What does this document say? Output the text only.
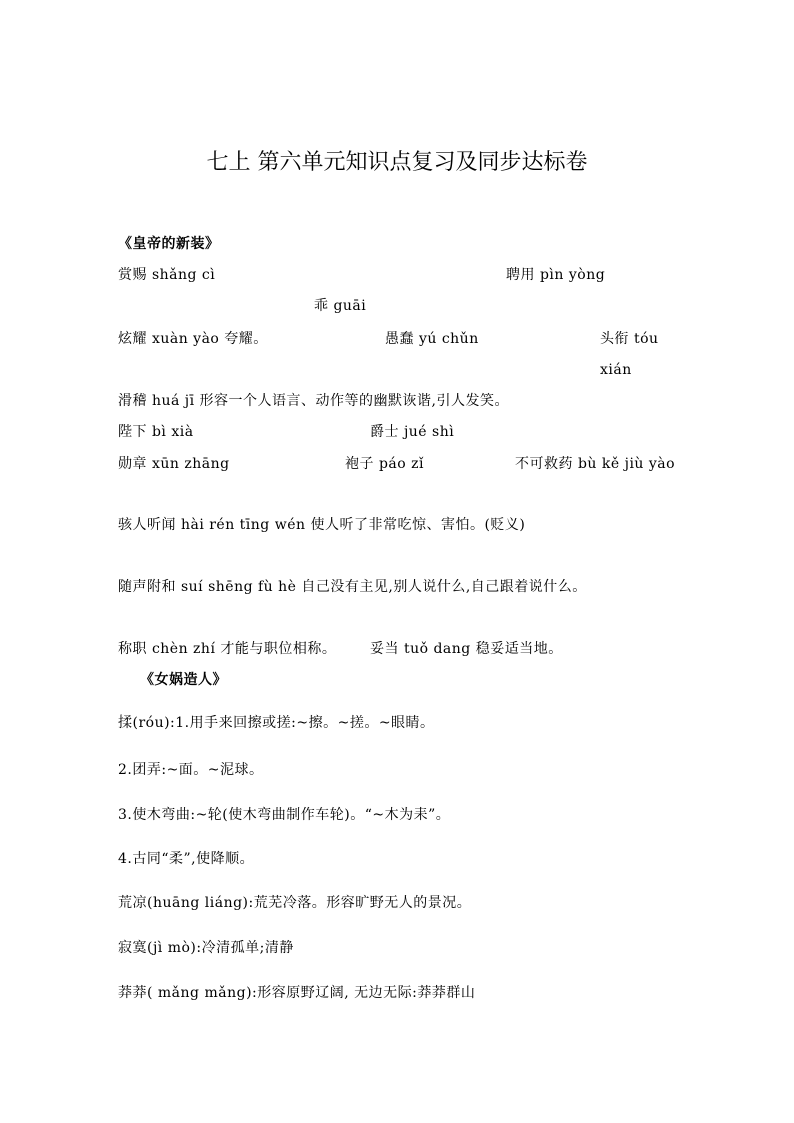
七上 第六单元知识点复习及同步达标卷
《皇帝的新装》
赏赐 shǎng cì	聘用 pìn yòng
乖 guāi
炫耀 xuàn yào 夸耀。	愚蠢 yú chǔn	头衔 tóu xián
滑稽 huá jī 形容一个人语言、动作等的幽默诙谐,引人发笑。
陛下 bì xià	爵士 jué shì
勋章 xūn zhāng	袍子 páo zǐ	不可救药 bù kě jiù yào
骇人听闻 hài rén tīng wén 使人听了非常吃惊、害怕。(贬义)
随声附和 suí shēng fù hè 自己没有主见,别人说什么,自己跟着说什么。
称职 chèn zhí 才能与职位相称。 妥当 tuǒ dang 稳妥适当地。
《女娲造人》
揉(róu):1.用手来回擦或搓:~擦。~搓。~眼睛。
2.团弄:~面。~泥球。
3.使木弯曲:~轮(使木弯曲制作车轮)。“~木为耒”。
4.古同“柔”,使降顺。
荒凉(huāng liáng):荒芜冷落。形容旷野无人的景况。
寂寞(jì mò):冷清孤单;清静
莽莽( mǎng mǎng):形容原野辽阔, 无边无际:莽莽群山
